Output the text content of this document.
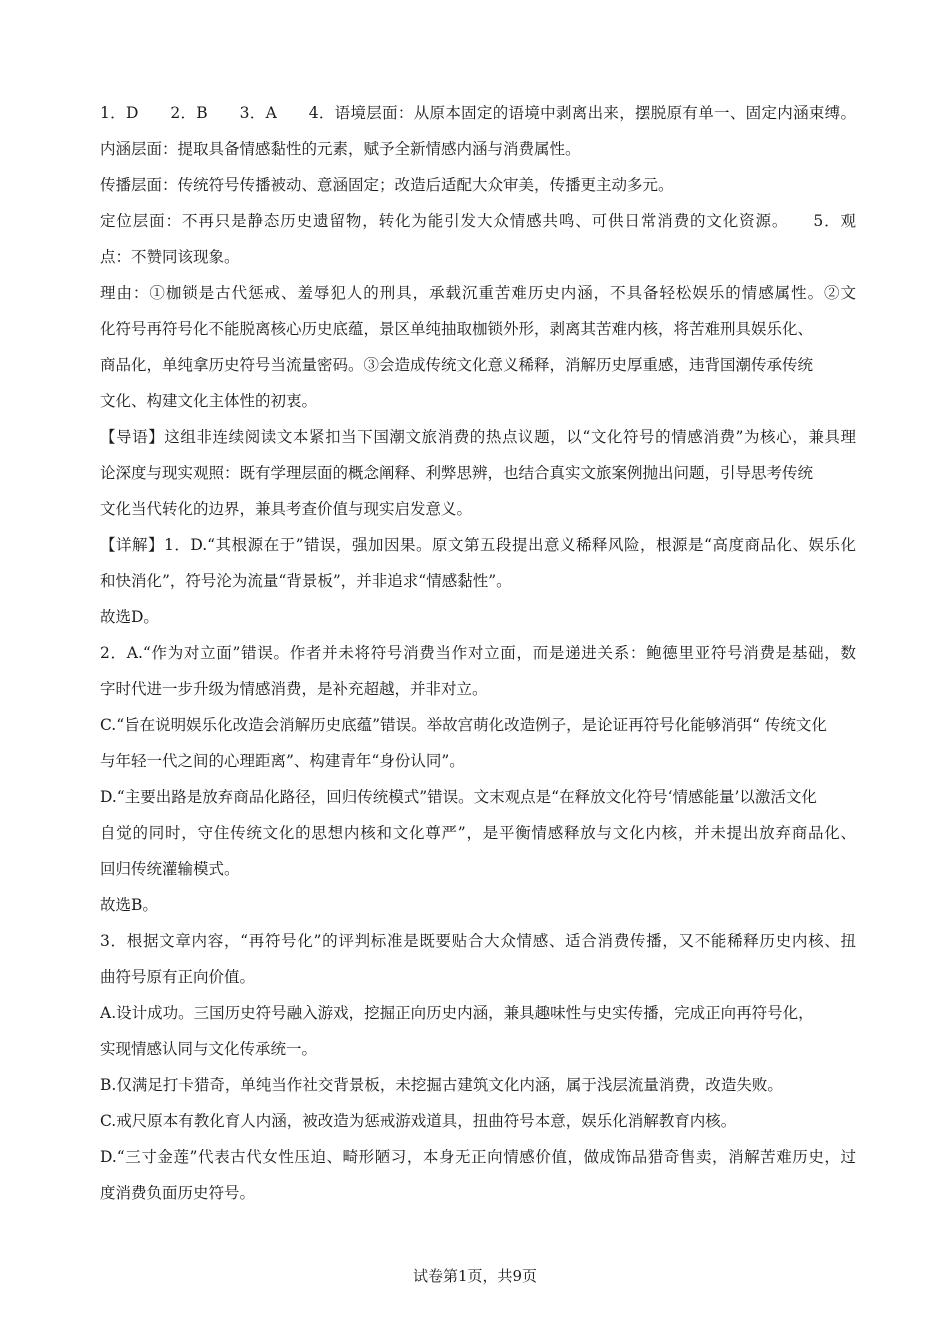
1．D　　2．B　　3．A　　4．语境层面：从原本固定的语境中剥离出来，摆脱原有单一、固定内涵束缚。
内涵层面：提取具备情感黏性的元素，赋予全新情感内涵与消费属性。
传播层面：传统符号传播被动、意涵固定；改造后适配大众审美，传播更主动多元。
定位层面：不再只是静态历史遗留物，转化为能引发大众情感共鸣、可供日常消费的文化资源。　　5．观
点：不赞同该现象。
理由：①枷锁是古代惩戒、羞辱犯人的刑具，承载沉重苦难历史内涵，不具备轻松娱乐的情感属性。②文
化符号再符号化不能脱离核心历史底蕴，景区单纯抽取枷锁外形，剥离其苦难内核，将苦难刑具娱乐化、
商品化，单纯拿历史符号当流量密码。③会造成传统文化意义稀释，消解历史厚重感，违背国潮传承传统
文化、构建文化主体性的初衷。
【导语】这组非连续阅读文本紧扣当下国潮文旅消费的热点议题，以“文化符号的情感消费”为核心，兼具理
论深度与现实观照：既有学理层面的概念阐释、利弊思辨，也结合真实文旅案例抛出问题，引导思考传统
文化当代转化的边界，兼具考查价值与现实启发意义。
【详解】1．D.“其根源在于”错误，强加因果。原文第五段提出意义稀释风险，根源是“高度商品化、娱乐化
和快消化”，符号沦为流量“背景板”，并非追求“情感黏性”。
故选D。
2．A.“作为对立面”错误。作者并未将符号消费当作对立面，而是递进关系：鲍德里亚符号消费是基础，数
字时代进一步升级为情感消费，是补充超越，并非对立。
C.“旨在说明娱乐化改造会消解历史底蕴”错误。举故宫萌化改造例子，是论证再符号化能够消弭“ 传统文化
与年轻一代之间的心理距离”、构建青年“身份认同”。
D.“主要出路是放弃商品化路径，回归传统模式”错误。文末观点是“在释放文化符号‘情感能量’以激活文化
自觉的同时，守住传统文化的思想内核和文化尊严”，是平衡情感释放与文化内核，并未提出放弃商品化、
回归传统灌输模式。
故选B。
3．根据文章内容，“再符号化”的评判标准是既要贴合大众情感、适合消费传播，又不能稀释历史内核、扭
曲符号原有正向价值。
A.设计成功。三国历史符号融入游戏，挖掘正向历史内涵，兼具趣味性与史实传播，完成正向再符号化，
实现情感认同与文化传承统一。
B.仅满足打卡猎奇，单纯当作社交背景板，未挖掘古建筑文化内涵，属于浅层流量消费，改造失败。
C.戒尺原本有教化育人内涵，被改造为惩戒游戏道具，扭曲符号本意，娱乐化消解教育内核。
D.“三寸金莲”代表古代女性压迫、畸形陋习，本身无正向情感价值，做成饰品猎奇售卖，消解苦难历史，过
度消费负面历史符号。
试卷第1页，共9页
